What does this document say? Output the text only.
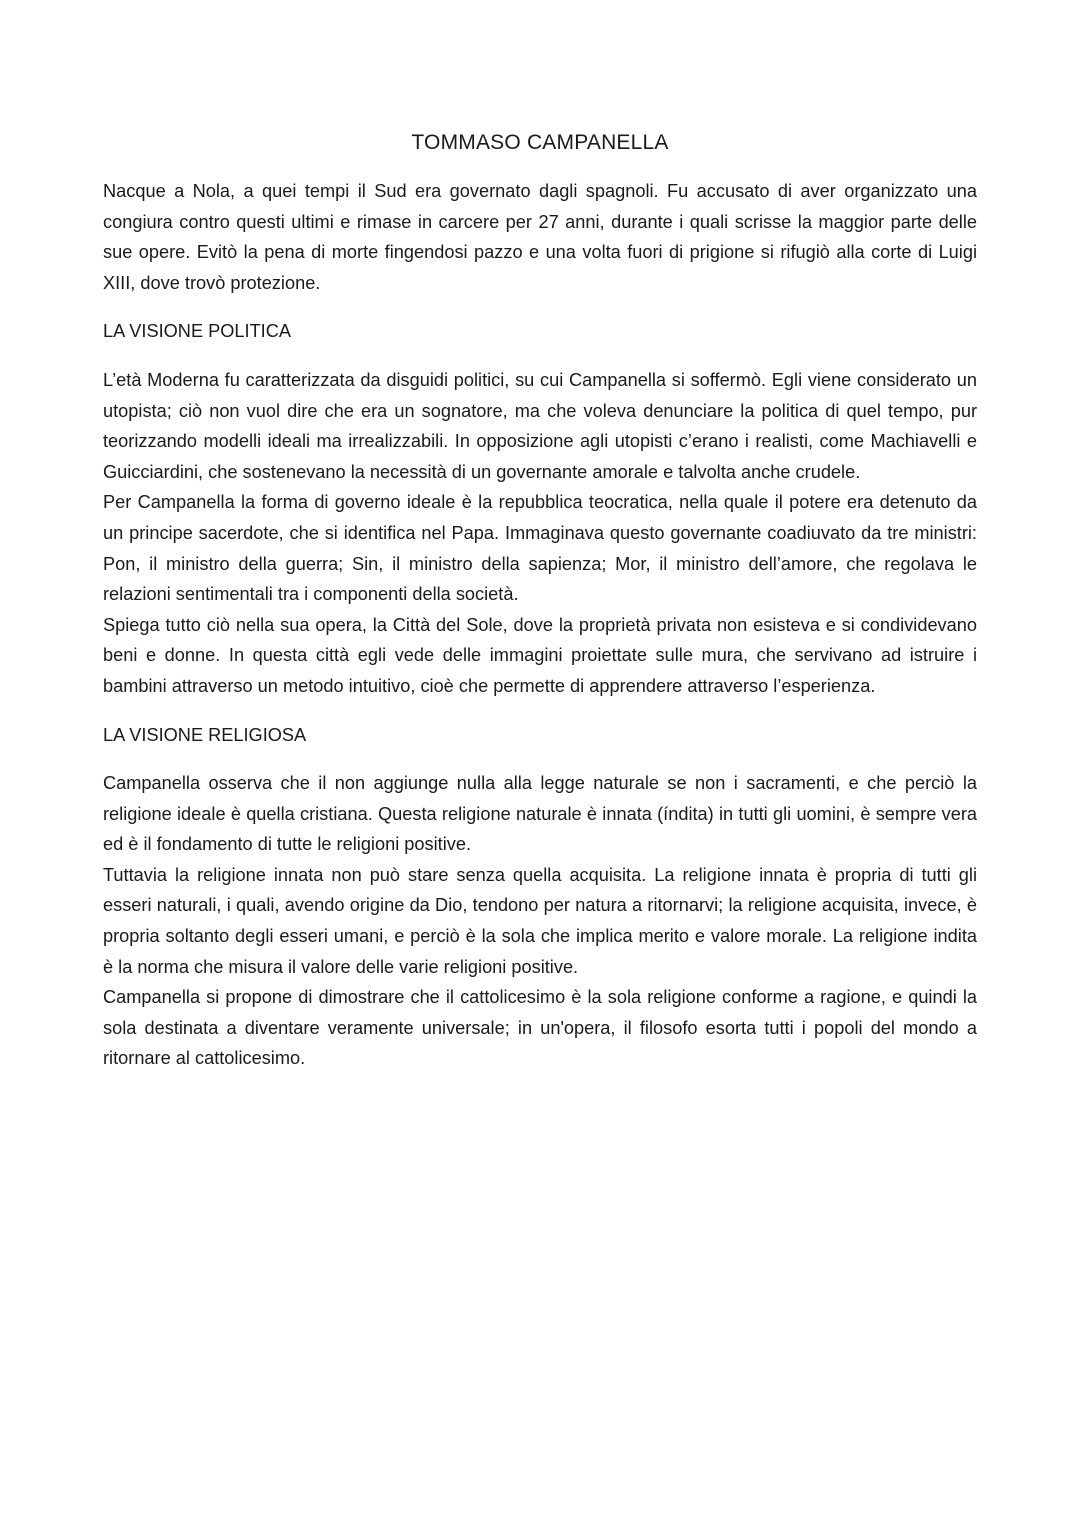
TOMMASO CAMPANELLA

Nacque a Nola, a quei tempi il Sud era governato dagli spagnoli. Fu accusato di aver organizzato una congiura contro questi ultimi e rimase in carcere per 27 anni, durante i quali scrisse la maggior parte delle sue opere. Evitò la pena di morte fingendosi pazzo e una volta fuori di prigione si rifugiò alla corte di Luigi XIII, dove trovò protezione.

LA VISIONE POLITICA

L’età Moderna fu caratterizzata da disguidi politici, su cui Campanella si soffermò. Egli viene considerato un utopista; ciò non vuol dire che era un sognatore, ma che voleva denunciare la politica di quel tempo, pur teorizzando modelli ideali ma irrealizzabili. In opposizione agli utopisti c’erano i realisti, come Machiavelli e Guicciardini, che sostenevano la necessità di un governante amorale e talvolta anche crudele.

Per Campanella la forma di governo ideale è la repubblica teocratica, nella quale il potere era detenuto da un principe sacerdote, che si identifica nel Papa. Immaginava questo governante coadiuvato da tre ministri: Pon, il ministro della guerra; Sin, il ministro della sapienza; Mor, il ministro dell’amore, che regolava le relazioni sentimentali tra i componenti della società.

Spiega tutto ciò nella sua opera, la Città del Sole, dove la proprietà privata non esisteva e si condividevano beni e donne. In questa città egli vede delle immagini proiettate sulle mura, che servivano ad istruire i bambini attraverso un metodo intuitivo, cioè che permette di apprendere attraverso l’esperienza.

LA VISIONE RELIGIOSA

Campanella osserva che il non aggiunge nulla alla legge naturale se non i sacramenti, e che perciò la religione ideale è quella cristiana. Questa religione naturale è innata (índita) in tutti gli uomini, è sempre vera ed è il fondamento di tutte le religioni positive.

Tuttavia la religione innata non può stare senza quella acquisita. La religione innata è propria di tutti gli esseri naturali, i quali, avendo origine da Dio, tendono per natura a ritornarvi; la religione acquisita, invece, è propria soltanto degli esseri umani, e perciò è la sola che implica merito e valore morale. La religione indita è la norma che misura il valore delle varie religioni positive.

Campanella si propone di dimostrare che il cattolicesimo è la sola religione conforme a ragione, e quindi la sola destinata a diventare veramente universale; in un'opera, il filosofo esorta tutti i popoli del mondo a ritornare al cattolicesimo.
